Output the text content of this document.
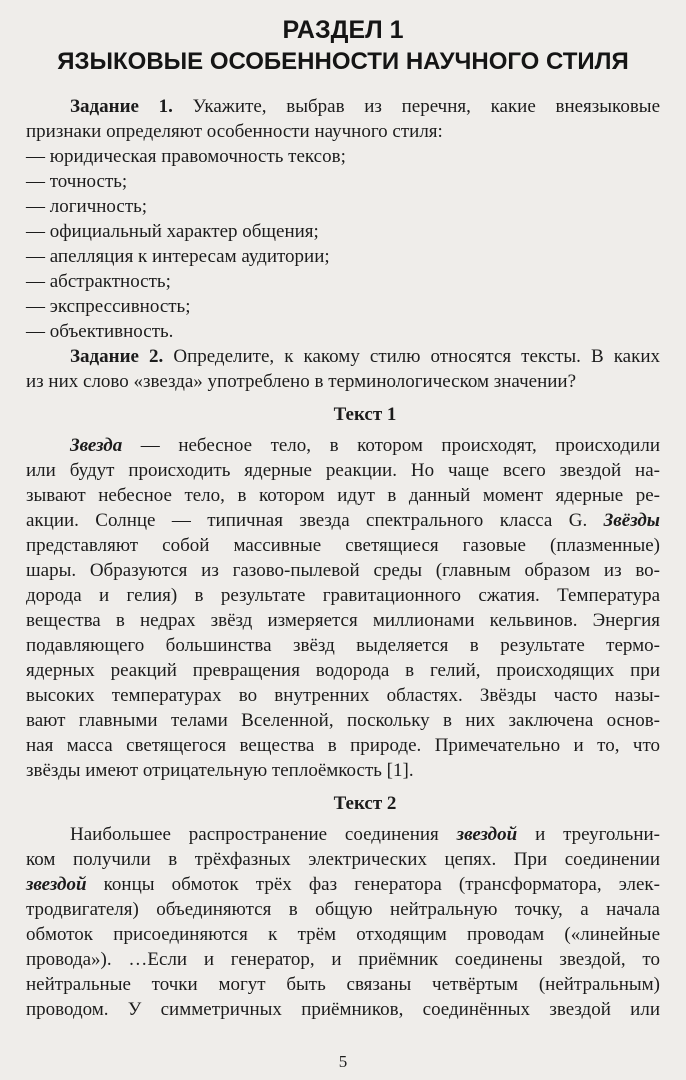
РАЗДЕЛ 1
ЯЗЫКОВЫЕ ОСОБЕННОСТИ НАУЧНОГО СТИЛЯ

Задание 1. Укажите, выбрав из перечня, какие внеязыковые

признаки определяют особенности научного стиля:

— юридическая правомочность тексов;

— точность;

— логичность;

— официальный характер общения;

— апелляция к интересам аудитории;

— абстрактность;

— экспрессивность;

— объективность.

Задание 2. Определите, к какому стилю относятся тексты. В каких

из них слово «звезда» употреблено в терминологическом значении?

Текст 1

Звезда — небесное тело, в котором происходят, происходили

или будут происходить ядерные реакции. Но чаще всего звездой на-

зывают небесное тело, в котором идут в данный момент ядерные ре-

акции. Солнце — типичная звезда спектрального класса G. Звёзды

представляют собой массивные светящиеся газовые (плазменные)

шары. Образуются из газово-пылевой среды (главным образом из во-

дорода и гелия) в результате гравитационного сжатия. Температура

вещества в недрах звёзд измеряется миллионами кельвинов. Энергия

подавляющего большинства звёзд выделяется в результате термо-

ядерных реакций превращения водорода в гелий, происходящих при

высоких температурах во внутренних областях. Звёзды часто назы-

вают главными телами Вселенной, поскольку в них заключена основ-

ная масса светящегося вещества в природе. Примечательно и то, что

звёзды имеют отрицательную теплоёмкость [1].

Текст 2

Наибольшее распространение соединения звездой и треугольни-

ком получили в трёхфазных электрических цепях. При соединении

звездой концы обмоток трёх фаз генератора (трансформатора, элек-

тродвигателя) объединяются в общую нейтральную точку, а начала

обмоток присоединяются к трём отходящим проводам («линейные

провода»). …Если и генератор, и приёмник соединены звездой, то

нейтральные точки могут быть связаны четвёртым (нейтральным)

проводом. У симметричных приёмников, соединённых звездой или

5
